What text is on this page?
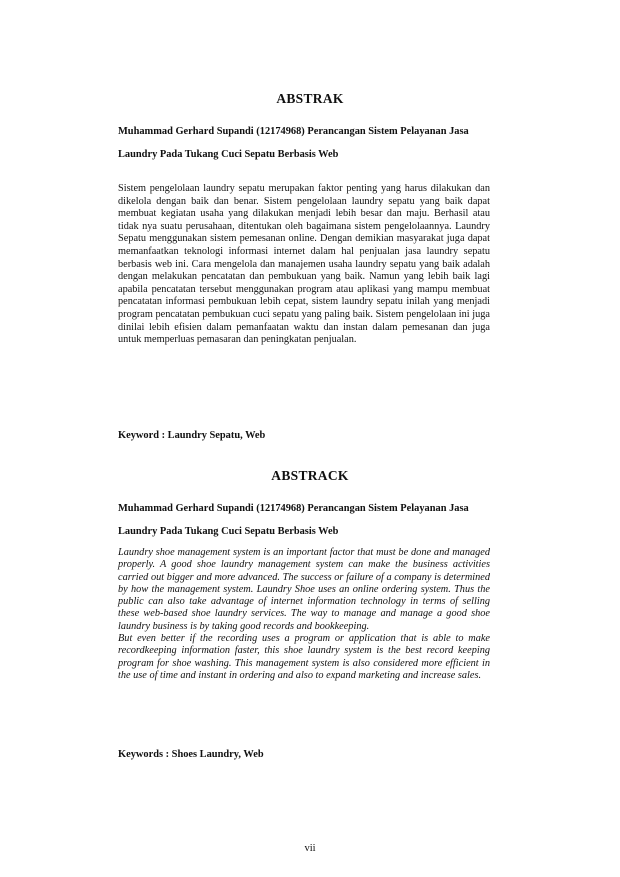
ABSTRAK
Muhammad Gerhard Supandi (12174968) Perancangan Sistem Pelayanan Jasa
Laundry Pada Tukang Cuci Sepatu Berbasis Web
Sistem pengelolaan laundry sepatu merupakan faktor penting yang harus dilakukan dan dikelola dengan baik dan benar. Sistem pengelolaan laundry sepatu yang baik dapat membuat kegiatan usaha yang dilakukan menjadi lebih besar dan maju. Berhasil atau tidak nya suatu perusahaan, ditentukan oleh bagaimana sistem pengelolaannya. Laundry Sepatu menggunakan sistem pemesanan online. Dengan demikian masyarakat juga dapat memanfaatkan teknologi informasi internet dalam hal penjualan jasa laundry sepatu berbasis web ini. Cara mengelola dan manajemen usaha laundry sepatu yang baik adalah dengan melakukan pencatatan dan pembukuan yang baik. Namun yang lebih baik lagi apabila pencatatan tersebut menggunakan program atau aplikasi yang mampu membuat pencatatan informasi pembukuan lebih cepat, sistem laundry sepatu inilah yang menjadi program pencatatan pembukuan cuci sepatu yang paling baik. Sistem pengelolaan ini juga dinilai lebih efisien dalam pemanfaatan waktu dan instan dalam pemesanan dan juga untuk memperluas pemasaran dan peningkatan penjualan.
Keyword : Laundry Sepatu, Web
ABSTRACK
Muhammad Gerhard Supandi (12174968) Perancangan Sistem Pelayanan Jasa
Laundry Pada Tukang Cuci Sepatu Berbasis Web

Laundry shoe management system is an important factor that must be done and managed properly. A good shoe laundry management system can make the business activities carried out bigger and more advanced. The success or failure of a company is determined by how the management system. Laundry Shoe uses an online ordering system. Thus the public can also take advantage of internet information technology in terms of selling these web-based shoe laundry services. The way to manage and manage a good shoe laundry business is by taking good records and bookkeeping.

But even better if the recording uses a program or application that is able to make recordkeeping information faster, this shoe laundry system is the best record keeping program for shoe washing. This management system is also considered more efficient in the use of time and instant in ordering and also to expand marketing and increase sales.

Keywords : Shoes Laundry, Web
vii
